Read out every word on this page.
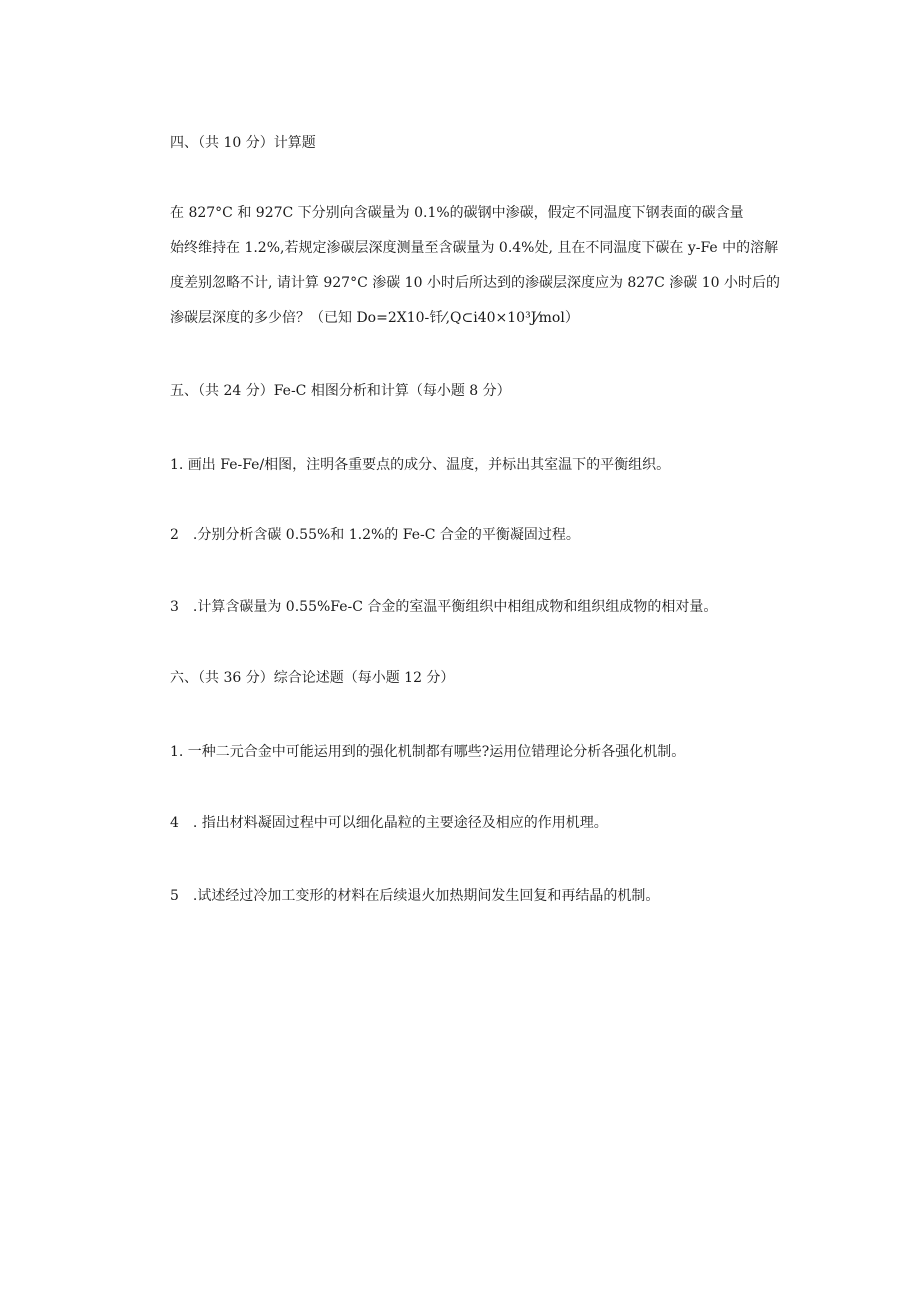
四、（共 10 分）计算题
在 827°C 和 927C 下分别向含碳量为 0.1%的碳钢中渗碳，假定不同温度下钢表面的碳含量
始终维持在 1.2%,若规定渗碳层深度测量至含碳量为 0.4%处, 且在不同温度下碳在 y-Fe 中的溶解
度差别忽略不计, 请计算 927°C 渗碳 10 小时后所达到的渗碳层深度应为 827C 渗碳 10 小时后的
渗碳层深度的多少倍？（已知 Do=2X10-钎⁄,Q⊂i40×10³J⁄mol）
五、（共 24 分）Fe-C 相图分析和计算（每小题 8 分）
1. 画出 Fe-Fe/相图，注明各重要点的成分、温度，并标出其室温下的平衡组织。
2　.分别分析含碳 0.55%和 1.2%的 Fe-C 合金的平衡凝固过程。
3　.计算含碳量为 0.55%Fe-C 合金的室温平衡组织中相组成物和组织组成物的相对量。
六、（共 36 分）综合论述题（每小题 12 分）
1. 一种二元合金中可能运用到的强化机制都有哪些?运用位错理论分析各强化机制。
4　. 指出材料凝固过程中可以细化晶粒的主要途径及相应的作用机理。
5　.试述经过冷加工变形的材料在后续退火加热期间发生回复和再结晶的机制。
